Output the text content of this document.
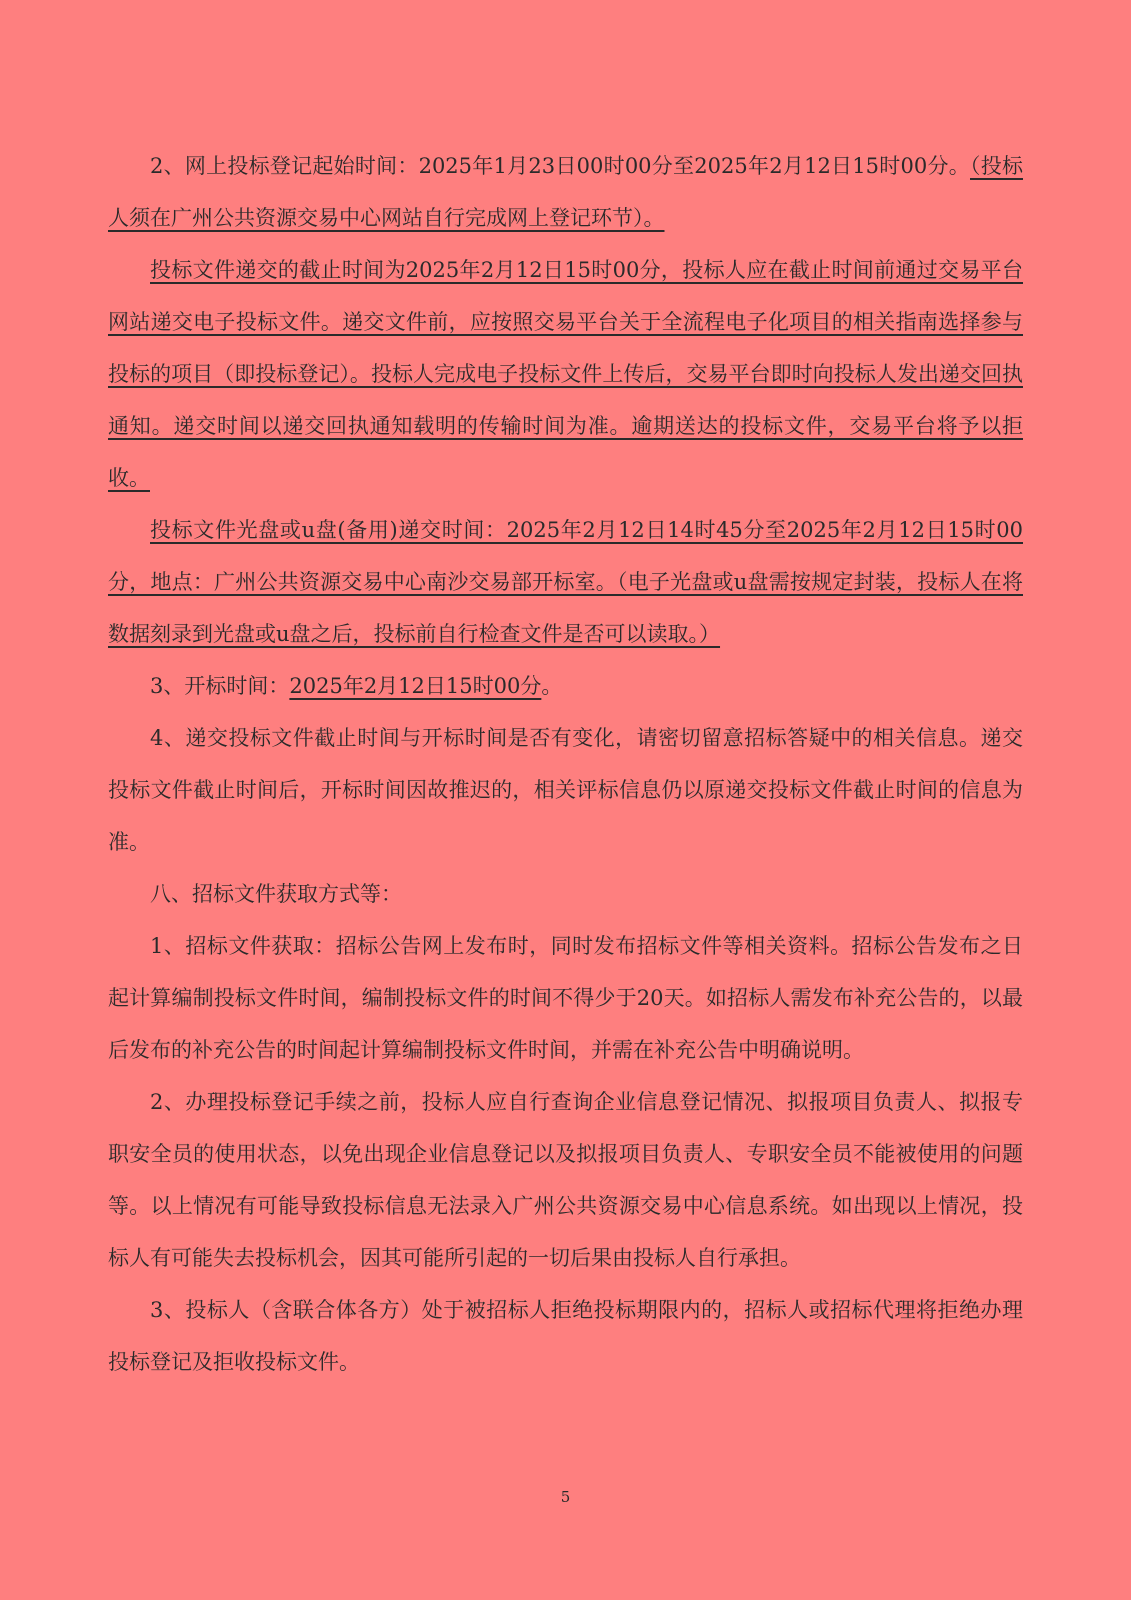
2、网上投标登记起始时间：2025年1月23日00时00分至2025年2月12日15时00分。（投标人须在广州公共资源交易中心网站自行完成网上登记环节）。

投标文件递交的截止时间为2025年2月12日15时00分，投标人应在截止时间前通过交易平台网站递交电子投标文件。递交文件前，应按照交易平台关于全流程电子化项目的相关指南选择参与投标的项目（即投标登记）。投标人完成电子投标文件上传后，交易平台即时向投标人发出递交回执通知。递交时间以递交回执通知载明的传输时间为准。逾期送达的投标文件，交易平台将予以拒收。

投标文件光盘或u盘(备用)递交时间：2025年2月12日14时45分至2025年2月12日15时00分，地点：广州公共资源交易中心南沙交易部开标室。（电子光盘或u盘需按规定封装，投标人在将数据刻录到光盘或u盘之后，投标前自行检查文件是否可以读取。）

3、开标时间：2025年2月12日15时00分。

4、递交投标文件截止时间与开标时间是否有变化，请密切留意招标答疑中的相关信息。递交投标文件截止时间后，开标时间因故推迟的，相关评标信息仍以原递交投标文件截止时间的信息为准。

八、招标文件获取方式等：

1、招标文件获取：招标公告网上发布时，同时发布招标文件等相关资料。招标公告发布之日起计算编制投标文件时间，编制投标文件的时间不得少于20天。如招标人需发布补充公告的，以最后发布的补充公告的时间起计算编制投标文件时间，并需在补充公告中明确说明。

2、办理投标登记手续之前，投标人应自行查询企业信息登记情况、拟报项目负责人、拟报专职安全员的使用状态，以免出现企业信息登记以及拟报项目负责人、专职安全员不能被使用的问题等。以上情况有可能导致投标信息无法录入广州公共资源交易中心信息系统。如出现以上情况，投标人有可能失去投标机会，因其可能所引起的一切后果由投标人自行承担。

3、投标人（含联合体各方）处于被招标人拒绝投标期限内的，招标人或招标代理将拒绝办理投标登记及拒收投标文件。

5
